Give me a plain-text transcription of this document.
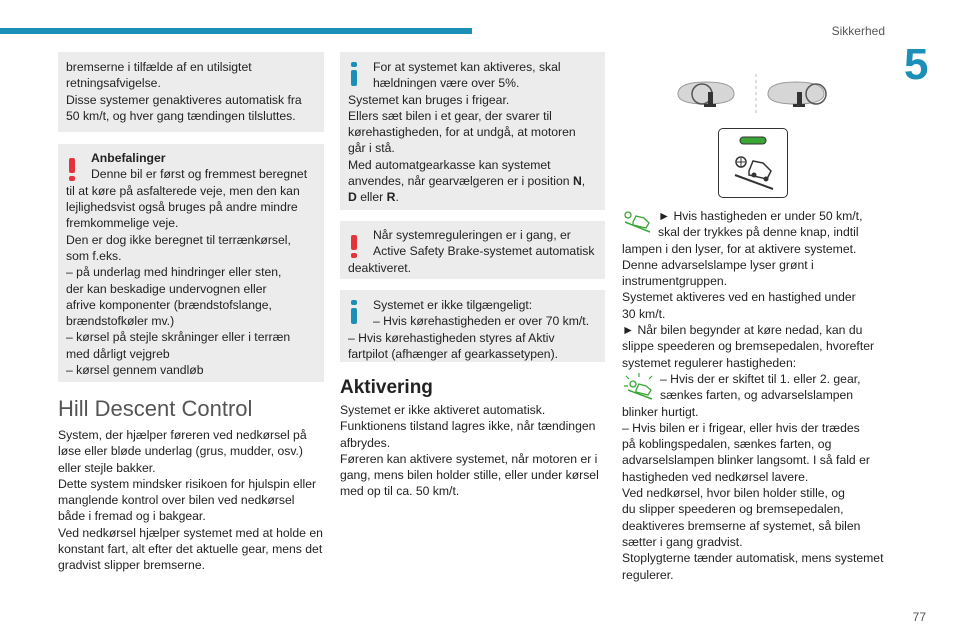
Sikkerhed
5
bremserne i tilfælde af en utilsigtet
retningsafvigelse.
Disse systemer genaktiveres automatisk fra
50 km/t, og hver gang tændingen tilsluttes.
Anbefalinger
Denne bil er først og fremmest beregnet
til at køre på asfalterede veje, men den kan
lejlighedsvist også bruges på andre mindre
fremkommelige veje.
Den er dog ikke beregnet til terrænkørsel,
som f.eks.
– på underlag med hindringer eller sten,
der kan beskadige undervognen eller
afrive komponenter (brændstofslange,
brændstofkøler mv.)
– kørsel på stejle skråninger eller i terræn
med dårligt vejgreb
– kørsel gennem vandløb
Hill Descent Control
System, der hjælper føreren ved nedkørsel på
løse eller bløde underlag (grus, mudder, osv.)
eller stejle bakker.
Dette system mindsker risikoen for hjulspin eller
manglende kontrol over bilen ved nedkørsel
både i fremad og i bakgear.
Ved nedkørsel hjælper systemet med at holde en
konstant fart, alt efter det aktuelle gear, mens det
gradvist slipper bremserne.
For at systemet kan aktiveres, skal
hældningen være over 5%.
Systemet kan bruges i frigear.
Ellers sæt bilen i et gear, der svarer til
kørehastigheden, for at undgå, at motoren
går i stå.
Med automatgearkasse kan systemet
anvendes, når gearvælgeren er i position N,
D eller R.
Når systemreguleringen er i gang, er
Active Safety Brake-systemet automatisk
deaktiveret.
Systemet er ikke tilgængeligt:
– Hvis kørehastigheden er over 70 km/t.
– Hvis kørehastigheden styres af Aktiv
fartpilot (afhænger af gearkassetypen).
Aktivering
Systemet er ikke aktiveret automatisk.
Funktionens tilstand lagres ikke, når tændingen
afbrydes.
Føreren kan aktivere systemet, når motoren er i
gang, mens bilen holder stille, eller under kørsel
med op til ca. 50 km/t.
► Hvis hastigheden er under 50 km/t,
skal der trykkes på denne knap, indtil
lampen i den lyser, for at aktivere systemet.
Denne advarselslampe lyser grønt i
instrumentgruppen.
Systemet aktiveres ved en hastighed under
30 km/t.
► Når bilen begynder at køre nedad, kan du
slippe speederen og bremsepedalen, hvorefter
systemet regulerer hastigheden:
– Hvis der er skiftet til 1. eller 2. gear,
sænkes farten, og advarselslampen
blinker hurtigt.
– Hvis bilen er i frigear, eller hvis der trædes
på koblingspedalen, sænkes farten, og
advarselslampen blinker langsomt. I så fald er
hastigheden ved nedkørsel lavere.
Ved nedkørsel, hvor bilen holder stille, og
du slipper speederen og bremsepedalen,
deaktiveres bremserne af systemet, så bilen
sætter i gang gradvist.
Stoplygterne tænder automatisk, mens systemet
regulerer.
77
